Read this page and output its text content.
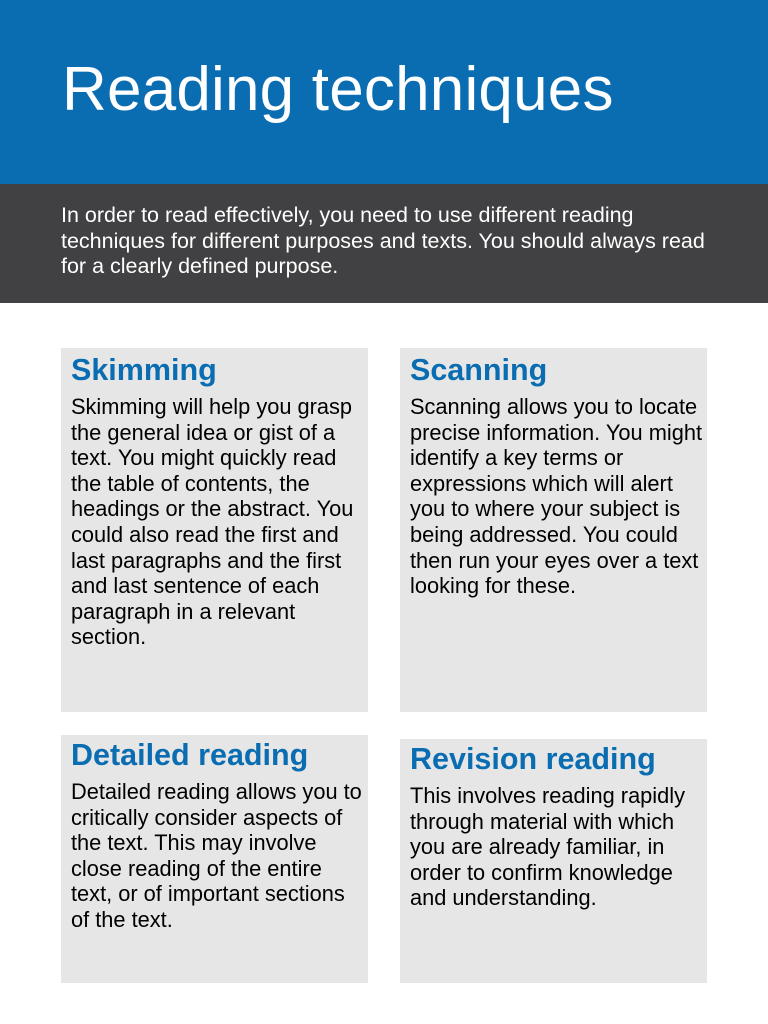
Reading techniques

In order to read effectively, you need to use different reading techniques for different purposes and texts. You should always read for a clearly defined purpose.

Skimming

Skimming will help you grasp the general idea or gist of a text. You might quickly read the table of contents, the headings or the abstract. You could also read the first and last paragraphs and the first and last sentence of each paragraph in a relevant section.

Scanning

Scanning allows you to locate precise information. You might identify a key terms or expressions which will alert you to where your subject is being addressed. You could then run your eyes over a text looking for these.

Detailed reading

Detailed reading allows you to critically consider aspects of the text. This may involve close reading of the entire text, or of important sections of the text.

Revision reading

This involves reading rapidly through material with which you are already familiar, in order to confirm knowledge and understanding.
